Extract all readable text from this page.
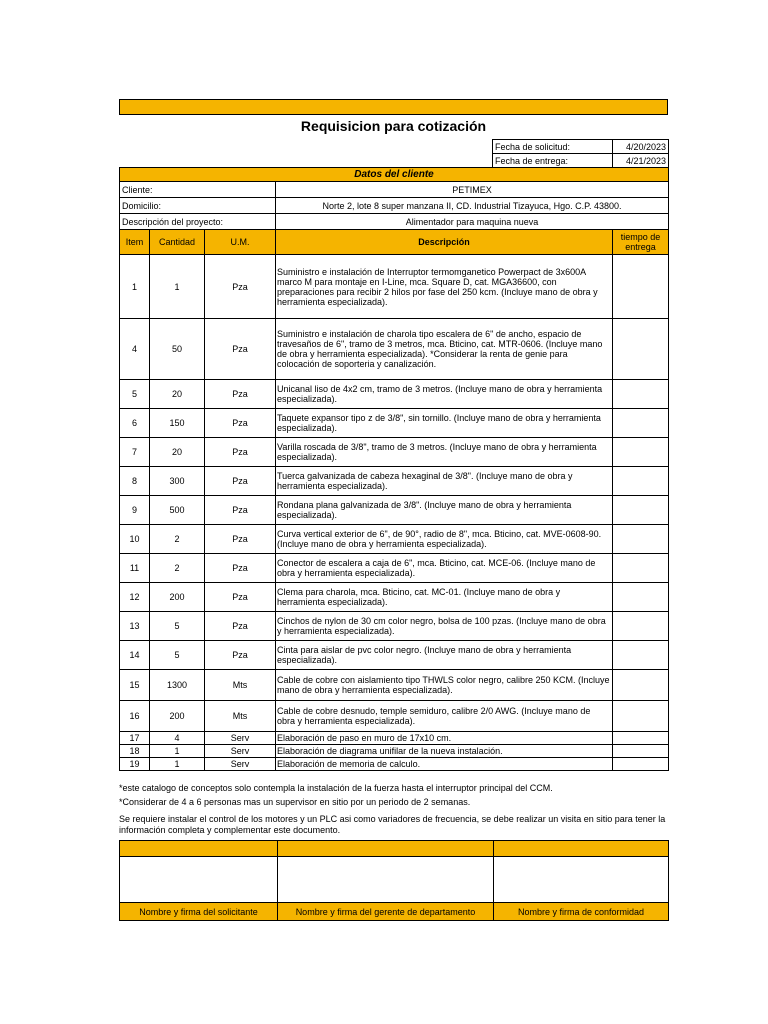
Requisicion para cotización
Fecha de solicitud:	4/20/2023
Fecha de entrega:	4/21/2023
Datos del cliente				
Cliente:			PETIMEX	
Domicilio:			Norte 2, lote 8 super manzana II, CD. Industrial Tizayuca, Hgo. C.P. 43800.	
Descripción del proyecto:			Alimentador para maquina nueva	
Item	Cantidad	U.M.	Descripción	tiempo de entrega
1	1	Pza	Suministro e instalación de Interruptor termomganetico Powerpact de 3x600A marco M para montaje en I-Line, mca. Square D, cat. MGA36600, con preparaciones para recibir 2 hilos por fase del 250 kcm. (Incluye mano de obra y herramienta especializada).	
4	50	Pza	Suministro e instalación de charola tipo escalera de 6" de ancho, espacio de travesaños de 6", tramo de 3 metros, mca. Bticino, cat. MTR-0606. (Incluye mano de obra y herramienta especializada). *Considerar la renta de genie para colocación de soporteria y canalización.	
5	20	Pza	Unicanal liso de 4x2 cm, tramo de 3 metros. (Incluye mano de obra y herramienta especializada).	
6	150	Pza	Taquete expansor tipo z de 3/8", sin tornillo. (Incluye mano de obra y herramienta especializada).	
7	20	Pza	Varilla roscada de 3/8", tramo de 3 metros. (Incluye mano de obra y herramienta especializada).	
8	300	Pza	Tuerca galvanizada de cabeza hexaginal de 3/8". (Incluye mano de obra y herramienta especializada).	
9	500	Pza	Rondana plana galvanizada de 3/8". (Incluye mano de obra y herramienta especializada).	
10	2	Pza	Curva vertical exterior de 6", de 90°, radio de 8", mca. Bticino, cat. MVE-0608-90. (Incluye mano de obra y herramienta especializada).	
11	2	Pza	Conector de escalera a caja de 6", mca. Bticino, cat. MCE-06. (Incluye mano de obra y herramienta especializada).	
12	200	Pza	Clema para charola, mca. Bticino, cat. MC-01. (Incluye mano de obra y herramienta especializada).	
13	5	Pza	Cinchos de nylon de 30 cm color negro, bolsa de 100 pzas. (Incluye mano de obra y herramienta especializada).	
14	5	Pza	Cinta para aislar de pvc color negro. (Incluye mano de obra y herramienta especializada).	
15	1300	Mts	Cable de cobre con aislamiento tipo THWLS color negro, calibre 250 KCM. (Incluye mano de obra y herramienta especializada).	
16	200	Mts	Cable de cobre desnudo, temple semiduro, calibre 2/0 AWG. (Incluye mano de obra y herramienta especializada).	
17	4	Serv	Elaboración de paso en muro de 17x10 cm.	
18	1	Serv	Elaboración de diagrama unifilar de la nueva instalación.	
19	1	Serv	Elaboración de memoria de calculo.	
*este catalogo de conceptos solo contempla la instalación de la fuerza hasta el interruptor principal del CCM.
*Considerar de 4 a 6 personas mas un supervisor en sitio por un periodo de 2 semanas.
Se requiere instalar el control de los motores y un PLC asi como variadores de frecuencia, se debe realizar un visita en sitio para tener la información completa y complementar este documento.

Nombre y firma del solicitante	Nombre y firma del gerente de departamento	Nombre y firma de conformidad
